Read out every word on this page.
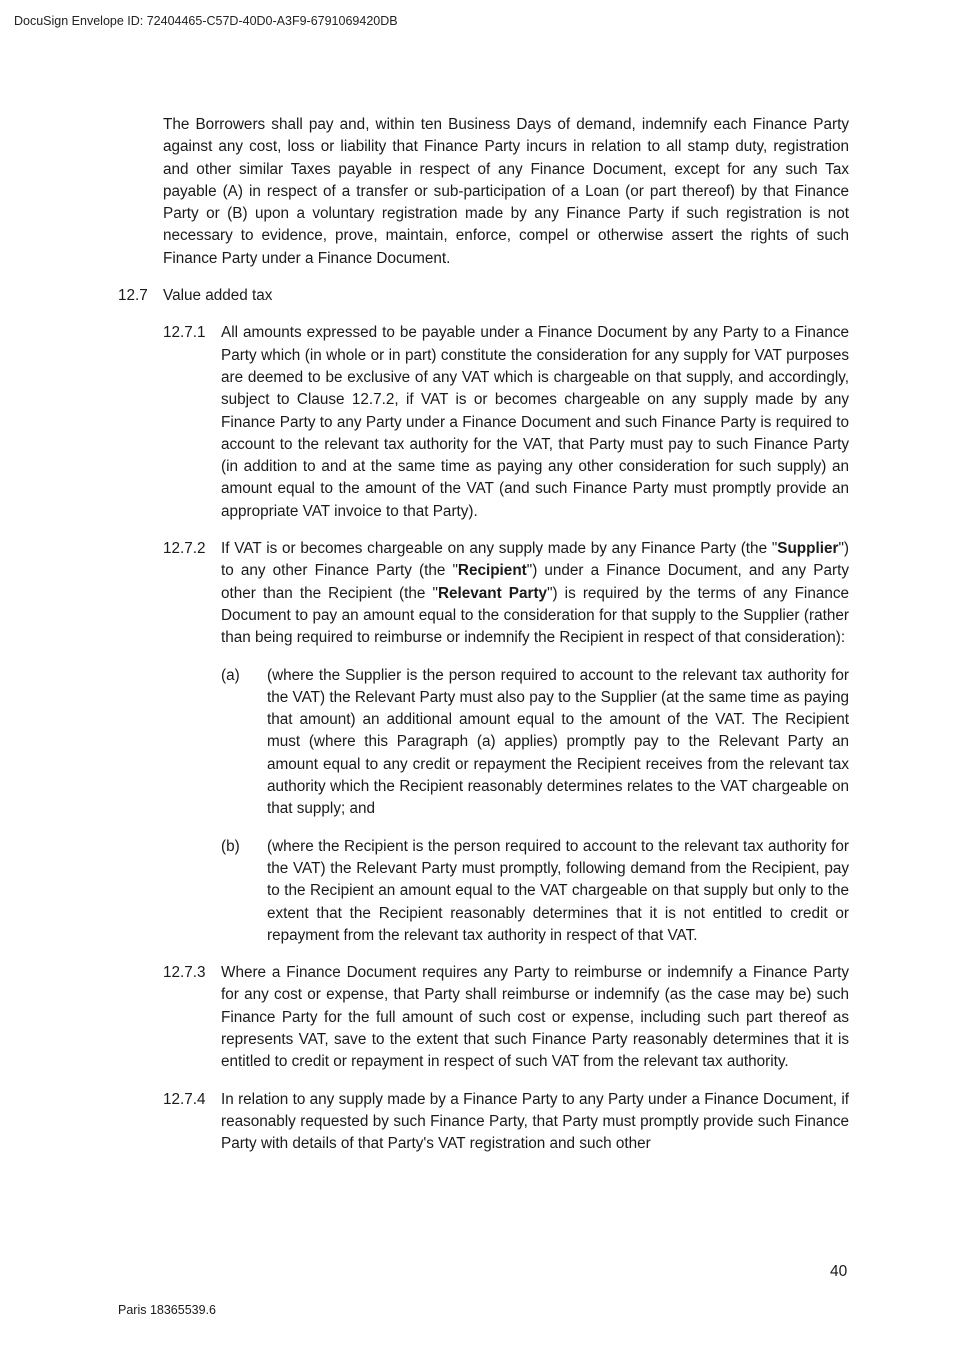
DocuSign Envelope ID: 72404465-C57D-40D0-A3F9-6791069420DB

The Borrowers shall pay and, within ten Business Days of demand, indemnify each Finance Party against any cost, loss or liability that Finance Party incurs in relation to all stamp duty, registration and other similar Taxes payable in respect of any Finance Document, except for any such Tax payable (A) in respect of a transfer or sub-participation of a Loan (or part thereof) by that Finance Party or (B) upon a voluntary registration made by any Finance Party if such registration is not necessary to evidence, prove, maintain, enforce, compel or otherwise assert the rights of such Finance Party under a Finance Document.

12.7 Value added tax
12.7.1	All amounts expressed to be payable under a Finance Document by any Party to a Finance Party which (in whole or in part) constitute the consideration for any supply for VAT purposes are deemed to be exclusive of any VAT which is chargeable on that supply, and accordingly, subject to Clause 12.7.2, if VAT is or becomes chargeable on any supply made by any Finance Party to any Party under a Finance Document and such Finance Party is required to account to the relevant tax authority for the VAT, that Party must pay to such Finance Party (in addition to and at the same time as paying any other consideration for such supply) an amount equal to the amount of the VAT (and such Finance Party must promptly provide an appropriate VAT invoice to that Party).
12.7.2	If VAT is or becomes chargeable on any supply made by any Finance Party (the "Supplier") to any other Finance Party (the "Recipient") under a Finance Document, and any Party other than the Recipient (the "Relevant Party") is required by the terms of any Finance Document to pay an amount equal to the consideration for that supply to the Supplier (rather than being required to reimburse or indemnify the Recipient in respect of that consideration):
(a)	(where the Supplier is the person required to account to the relevant tax authority for the VAT) the Relevant Party must also pay to the Supplier (at the same time as paying that amount) an additional amount equal to the amount of the VAT. The Recipient must (where this Paragraph (a) applies) promptly pay to the Relevant Party an amount equal to any credit or repayment the Recipient receives from the relevant tax authority which the Recipient reasonably determines relates to the VAT chargeable on that supply; and
(b)	(where the Recipient is the person required to account to the relevant tax authority for the VAT) the Relevant Party must promptly, following demand from the Recipient, pay to the Recipient an amount equal to the VAT chargeable on that supply but only to the extent that the Recipient reasonably determines that it is not entitled to credit or repayment from the relevant tax authority in respect of that VAT.
12.7.3	Where a Finance Document requires any Party to reimburse or indemnify a Finance Party for any cost or expense, that Party shall reimburse or indemnify (as the case may be) such Finance Party for the full amount of such cost or expense, including such part thereof as represents VAT, save to the extent that such Finance Party reasonably determines that it is entitled to credit or repayment in respect of such VAT from the relevant tax authority.
12.7.4	In relation to any supply made by a Finance Party to any Party under a Finance Document, if reasonably requested by such Finance Party, that Party must promptly provide such Finance Party with details of that Party's VAT registration and such other
40
Paris 18365539.6
